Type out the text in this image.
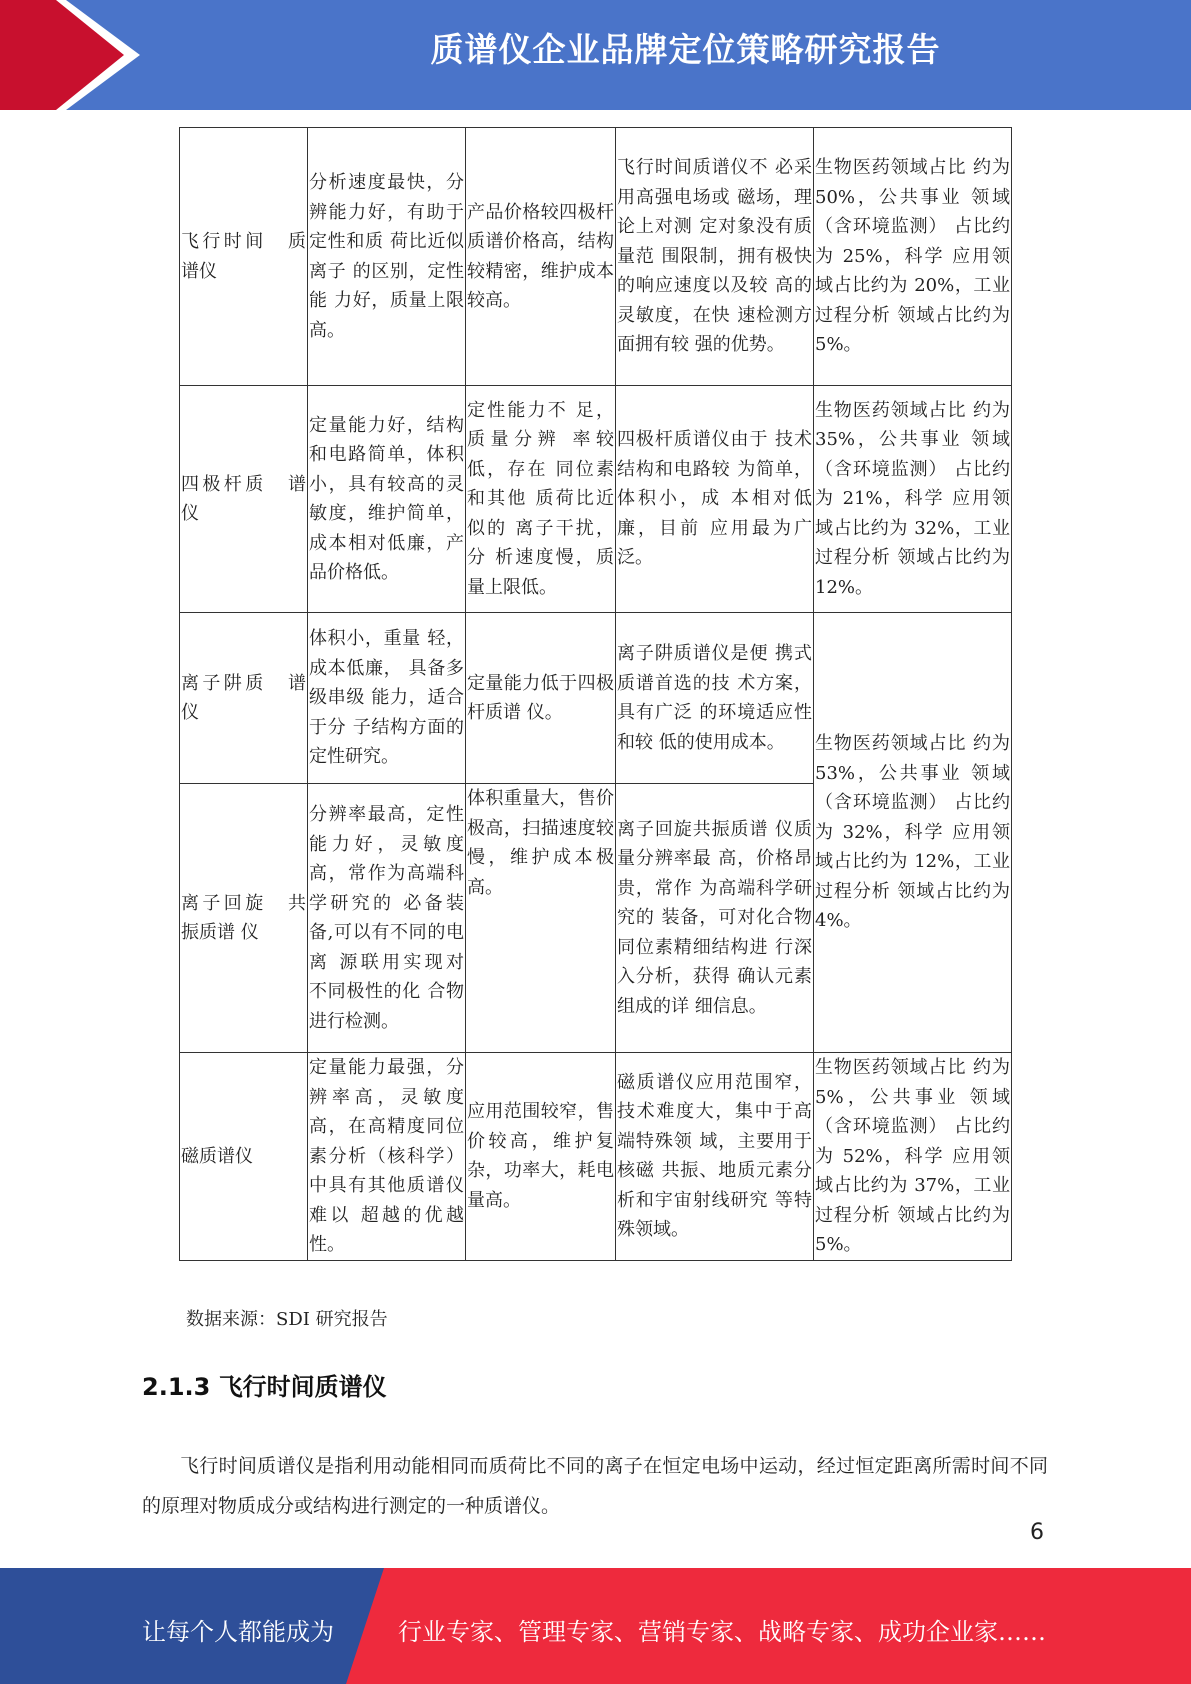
质谱仪企业品牌定位策略研究报告
飞行时间　质谱仪	分析速度最快，分辨能力好，有助于定性和质 荷比近似离子 的区别，定性能 力好，质量上限 高。	产品价格较四极杆质谱价格高，结构较精密，维护成本较高。	飞行时间质谱仪不 必采用高强电场或 磁场，理论上对测 定对象没有质量范 围限制，拥有极快 的响应速度以及较 高的灵敏度，在快 速检测方面拥有较 强的优势。	生物医药领域占比 约为 50%，公共事业 领域（含环境监测） 占比约为 25%，科学 应用领域占比约为 20%，工业过程分析 领域占比约为 5%。
四极杆质　谱仪	定量能力好，结构和电路简单，体积小，具有较高的灵敏度，维护简单，成本相对低廉，产品价格低。	定性能力不 足，质量分辨 率较低，存在 同位素和其他 质荷比近似的 离子干扰，分 析速度慢，质 量上限低。	四极杆质谱仪由于 技术结构和电路较 为简单，体积小，成 本相对低廉，目前 应用最为广泛。	生物医药领域占比 约为 35%，公共事业 领域（含环境监测） 占比约为 21%，科学 应用领域占比约为 32%，工业过程分析 领域占比约为 12%。
离子阱质　谱仪	体积小，重量 轻，成本低廉， 具备多级串级 能力，适合于分 子结构方面的 定性研究。	定量能力低于四极杆质谱 仪。	离子阱质谱仪是便 携式质谱首选的技 术方案，具有广泛 的环境适应性和较 低的使用成本。	生物医药领域占比 约为 53%，公共事业 领域（含环境监测） 占比约为 32%，科学 应用领域占比约为 12%，工业过程分析 领域占比约为 4%。
离子回旋　共振质谱 仪	分辨率最高，定性能力好，灵敏度高，常作为高端科学研究的 必备装备,可以有不同的电离 源联用实现对 不同极性的化 合物进行检测。	体积重量大，售价极高，扫描速度较慢，维护成本极 高。	离子回旋共振质谱 仪质量分辨率最 高，价格昂贵，常作 为高端科学研究的 装备，可对化合物同位素精细结构进 行深入分析，获得 确认元素组成的详 细信息。	
磁质谱仪	定量能力最强，分辨率高，灵敏度高，在高精度同位素分析（核科学）中具有其他质谱仪难以 超越的优越性。	应用范围较窄，售价较高，维护复杂，功率大，耗电量高。	磁质谱仪应用范围窄，技术难度大，集中于高端特殊领 域，主要用于核磁 共振、地质元素分 析和宇宙射线研究 等特殊领域。	生物医药领域占比 约为 5%，公共事业 领域（含环境监测） 占比约为 52%，科学 应用领域占比约为 37%，工业过程分析 领域占比约为 5%。
数据来源：SDI 研究报告
2.1.3 飞行时间质谱仪
飞行时间质谱仪是指利用动能相同而质荷比不同的离子在恒定电场中运动，经过恒定距离所需时间不同的原理对物质成分或结构进行测定的一种质谱仪。
6
让每个人都能成为	行业专家、管理专家、营销专家、战略专家、成功企业家……
